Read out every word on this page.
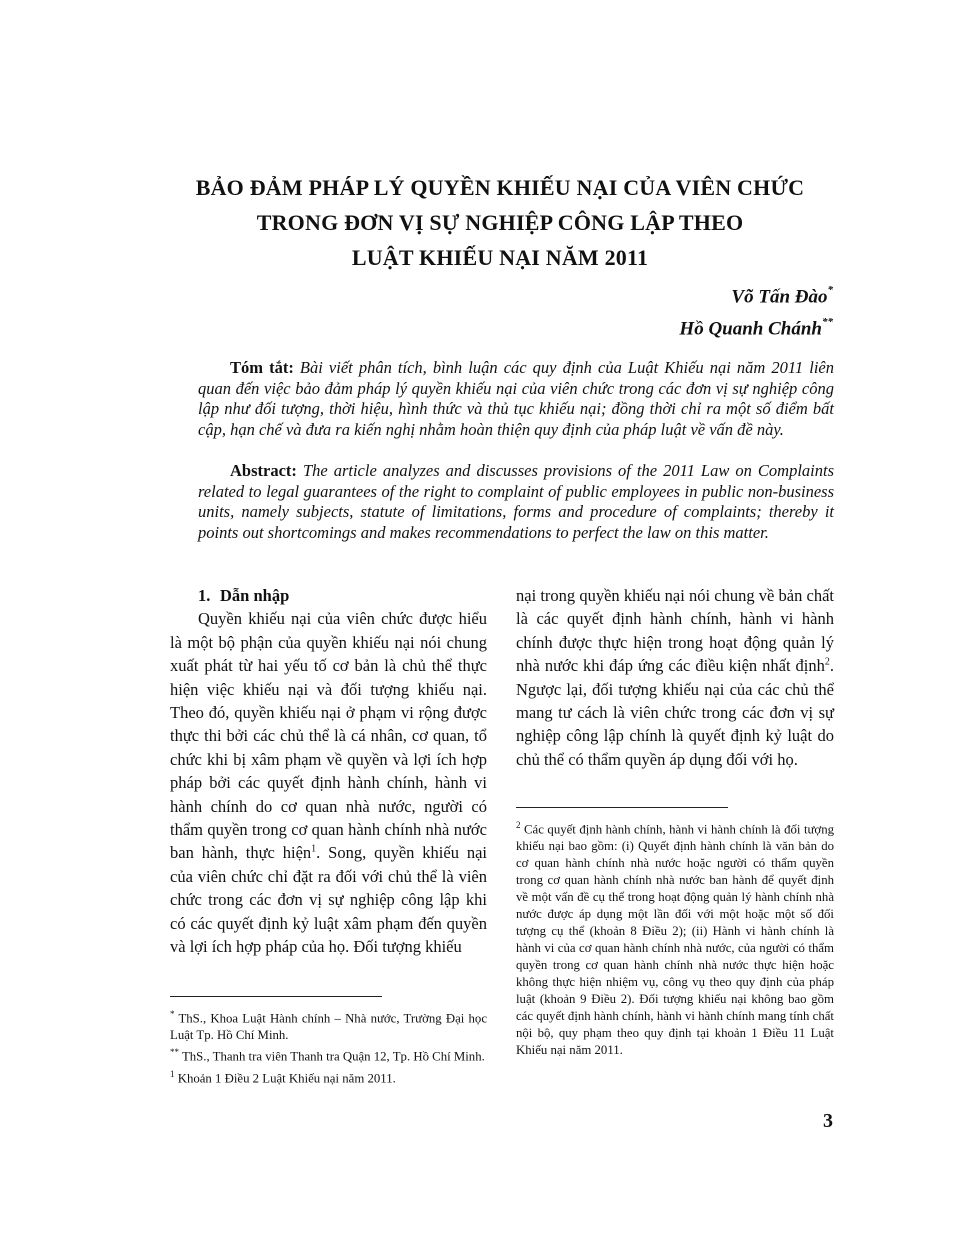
BẢO ĐẢM PHÁP LÝ QUYỀN KHIẾU NẠI CỦA VIÊN CHỨC
TRONG ĐƠN VỊ SỰ NGHIỆP CÔNG LẬP THEO
LUẬT KHIẾU NẠI NĂM 2011
Võ Tấn Đào*
Hồ Quanh Chánh**
Tóm tắt: Bài viết phân tích, bình luận các quy định của Luật Khiếu nại năm 2011 liên quan đến việc bảo đảm pháp lý quyền khiếu nại của viên chức trong các đơn vị sự nghiệp công lập như đối tượng, thời hiệu, hình thức và thủ tục khiếu nại; đồng thời chỉ ra một số điểm bất cập, hạn chế và đưa ra kiến nghị nhằm hoàn thiện quy định của pháp luật về vấn đề này.
Abstract: The article analyzes and discusses provisions of the 2011 Law on Complaints related to legal guarantees of the right to complaint of public employees in public non-business units, namely subjects, statute of limitations, forms and procedure of complaints; thereby it points out shortcomings and makes recommendations to perfect the law on this matter.
1. Dẫn nhập

Quyền khiếu nại của viên chức được hiểu là một bộ phận của quyền khiếu nại nói chung xuất phát từ hai yếu tố cơ bản là chủ thể thực hiện việc khiếu nại và đối tượng khiếu nại. Theo đó, quyền khiếu nại ở phạm vi rộng được thực thi bởi các chủ thể là cá nhân, cơ quan, tổ chức khi bị xâm phạm về quyền và lợi ích hợp pháp bởi các quyết định hành chính, hành vi hành chính do cơ quan nhà nước, người có thẩm quyền trong cơ quan hành chính nhà nước ban hành, thực hiện$^1$. Song, quyền khiếu nại của viên chức chỉ đặt ra đối với chủ thể là viên chức trong các đơn vị sự nghiệp công lập khi có các quyết định kỷ luật xâm phạm đến quyền và lợi ích hợp pháp của họ. Đối tượng khiếu

nại trong quyền khiếu nại nói chung về bản chất là các quyết định hành chính, hành vi hành chính được thực hiện trong hoạt động quản lý nhà nước khi đáp ứng các điều kiện nhất định$^2$. Ngược lại, đối tượng khiếu nại của các chủ thể mang tư cách là viên chức trong các đơn vị sự nghiệp công lập chính là quyết định kỷ luật do chủ thể có thẩm quyền áp dụng đối với họ.

* ThS., Khoa Luật Hành chính – Nhà nước, Trường Đại học Luật Tp. Hồ Chí Minh.

** ThS., Thanh tra viên Thanh tra Quận 12, Tp. Hồ Chí Minh.

$^1$ Khoản 1 Điều 2 Luật Khiếu nại năm 2011.

$^2$ Các quyết định hành chính, hành vi hành chính là đối tượng khiếu nại bao gồm: (i) Quyết định hành chính là văn bản do cơ quan hành chính nhà nước hoặc người có thẩm quyền trong cơ quan hành chính nhà nước ban hành để quyết định về một vấn đề cụ thể trong hoạt động quản lý hành chính nhà nước được áp dụng một lần đối với một hoặc một số đối tượng cụ thể (khoản 8 Điều 2); (ii) Hành vi hành chính là hành vi của cơ quan hành chính nhà nước, của người có thẩm quyền trong cơ quan hành chính nhà nước thực hiện hoặc không thực hiện nhiệm vụ, công vụ theo quy định của pháp luật (khoản 9 Điều 2). Đối tượng khiếu nại không bao gồm các quyết định hành chính, hành vi hành chính mang tính chất nội bộ, quy phạm theo quy định tại khoản 1 Điều 11 Luật Khiếu nại năm 2011.

3
